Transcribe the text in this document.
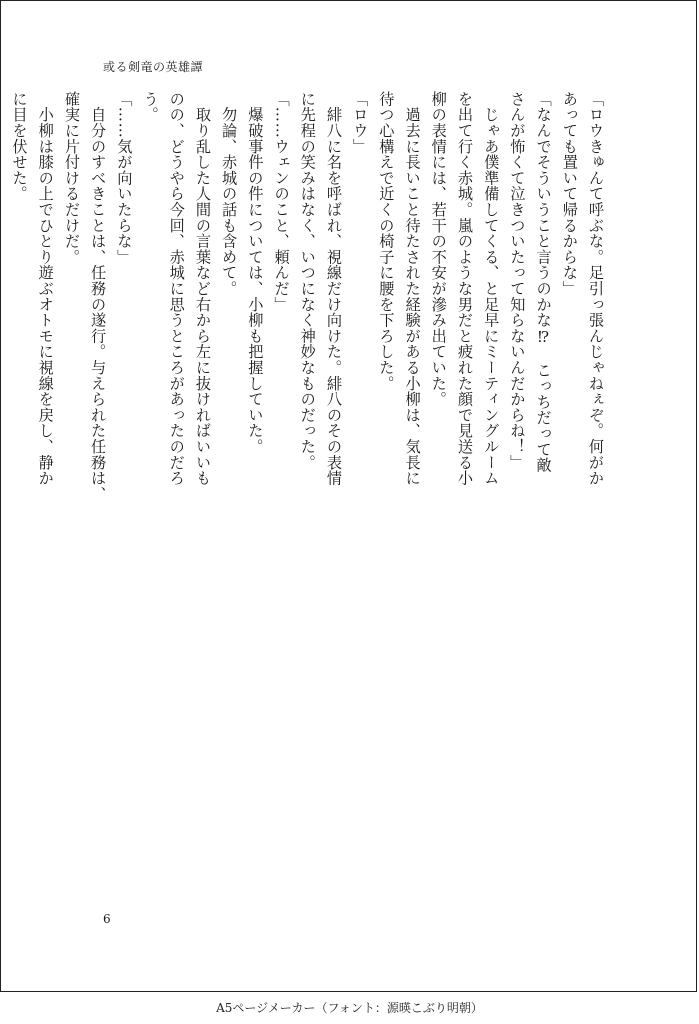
或る剣竜の英雄譚
「ロウきゅんて呼ぶな。足引っ張んじゃねぇぞ。何がか
あっても置いて帰るからな」
「なんでそういうこと言うのかな⁉　こっちだって敵
さんが怖くて泣きついたって知らないんだからね！」
　じゃあ僕準備してくる、と足早にミーティングルーム
を出て行く赤城。嵐のような男だと疲れた顔で見送る小
柳の表情には、若干の不安が滲み出ていた。
　過去に長いこと待たされた経験がある小柳は、気長に
待つ心構えで近くの椅子に腰を下ろした。
「ロウ」
　緋八に名を呼ばれ、視線だけ向けた。緋八のその表情
に先程の笑みはなく、いつになく神妙なものだった。
「……ウェンのこと、頼んだ」
　爆破事件の件については、小柳も把握していた。
　勿論、赤城の話も含めて。
　取り乱した人間の言葉など右から左に抜ければいいも
のの、どうやら今回、赤城に思うところがあったのだろ
う。
「……気が向いたらな」
　自分のすべきことは、任務の遂行。与えられた任務は、
確実に片付けるだけだ。
　小柳は膝の上でひとり遊ぶオトモに視線を戻し、静か
に目を伏せた。

6
A5ページメーカー（フォント：源暎こぶり明朝）
